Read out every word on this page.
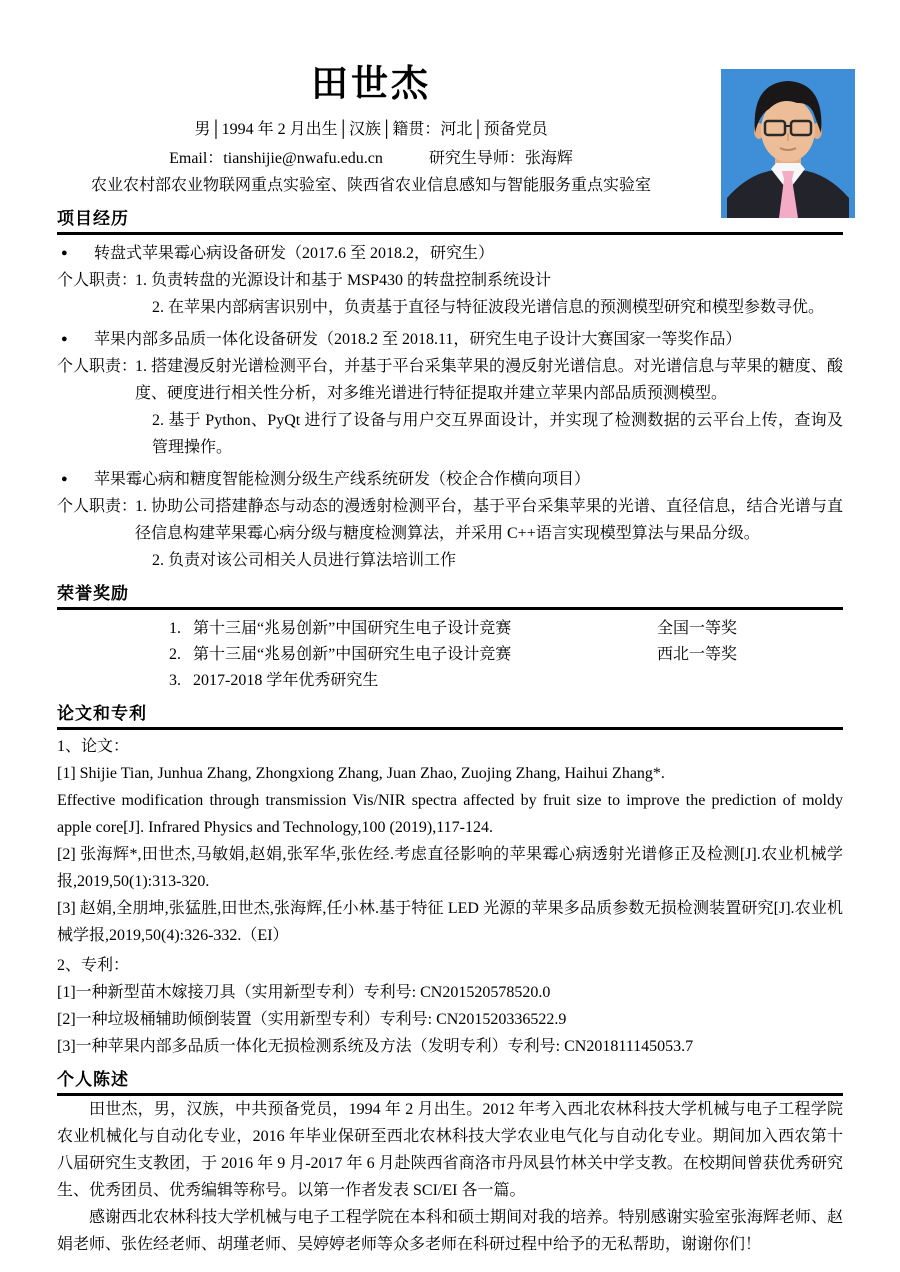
田世杰
男│1994 年 2 月出生│汉族│籍贯：河北│预备党员
Email：tianshijie@nwafu.edu.cn	研究生导师：张海辉
农业农村部农业物联网重点实验室、陕西省农业信息感知与智能服务重点实验室
项目经历
●	转盘式苹果霉心病设备研发（2017.6 至 2018.2，研究生）
个人职责：
1. 负责转盘的光源设计和基于 MSP430 的转盘控制系统设计
2. 在苹果内部病害识别中，负责基于直径与特征波段光谱信息的预测模型研究和模型参数寻优。
●	苹果内部多品质一体化设备研发（2018.2 至 2018.11，研究生电子设计大赛国家一等奖作品）
个人职责：
1. 搭建漫反射光谱检测平台，并基于平台采集苹果的漫反射光谱信息。对光谱信息与苹果的糖度、酸度、硬度进行相关性分析，对多维光谱进行特征提取并建立苹果内部品质预测模型。
2. 基于 Python、PyQt 进行了设备与用户交互界面设计，并实现了检测数据的云平台上传，查询及管理操作。
●	苹果霉心病和糖度智能检测分级生产线系统研发（校企合作横向项目）
个人职责：
1. 协助公司搭建静态与动态的漫透射检测平台，基于平台采集苹果的光谱、直径信息，结合光谱与直径信息构建苹果霉心病分级与糖度检测算法，并采用 C++语言实现模型算法与果品分级。
2. 负责对该公司相关人员进行算法培训工作
荣誉奖励
1. 第十三届“兆易创新”中国研究生电子设计竞赛	全国一等奖
2. 第十三届“兆易创新”中国研究生电子设计竞赛	西北一等奖
3. 2017-2018 学年优秀研究生
论文和专利
1、论文：

[1] Shijie Tian, Junhua Zhang, Zhongxiong Zhang, Juan Zhao, Zuojing Zhang, Haihui Zhang*.

Effective modification through transmission Vis/NIR spectra affected by fruit size to improve the prediction of moldy apple core[J]. Infrared Physics and Technology,100 (2019),117-124.

[2] 张海辉*,田世杰,马敏娟,赵娟,张军华,张佐经.考虑直径影响的苹果霉心病透射光谱修正及检测[J].农业机械学报,2019,50(1):313-320.

[3] 赵娟,全朋坤,张猛胜,田世杰,张海辉,任小林.基于特征 LED 光源的苹果多品质参数无损检测装置研究[J].农业机械学报,2019,50(4):326-332.（EI）

2、专利：

[1]一种新型苗木嫁接刀具（实用新型专利）专利号: CN201520578520.0

[2]一种垃圾桶辅助倾倒装置（实用新型专利）专利号: CN201520336522.9

[3]一种苹果内部多品质一体化无损检测系统及方法（发明专利）专利号: CN201811145053.7

个人陈述

田世杰，男，汉族，中共预备党员，1994 年 2 月出生。2012 年考入西北农林科技大学机械与电子工程学院农业机械化与自动化专业，2016 年毕业保研至西北农林科技大学农业电气化与自动化专业。期间加入西农第十八届研究生支教团，于 2016 年 9 月-2017 年 6 月赴陕西省商洛市丹凤县竹林关中学支教。在校期间曾获优秀研究生、优秀团员、优秀编辑等称号。以第一作者发表 SCI/EI 各一篇。

感谢西北农林科技大学机械与电子工程学院在本科和硕士期间对我的培养。特别感谢实验室张海辉老师、赵娟老师、张佐经老师、胡瑾老师、吴婷婷老师等众多老师在科研过程中给予的无私帮助，谢谢你们！
